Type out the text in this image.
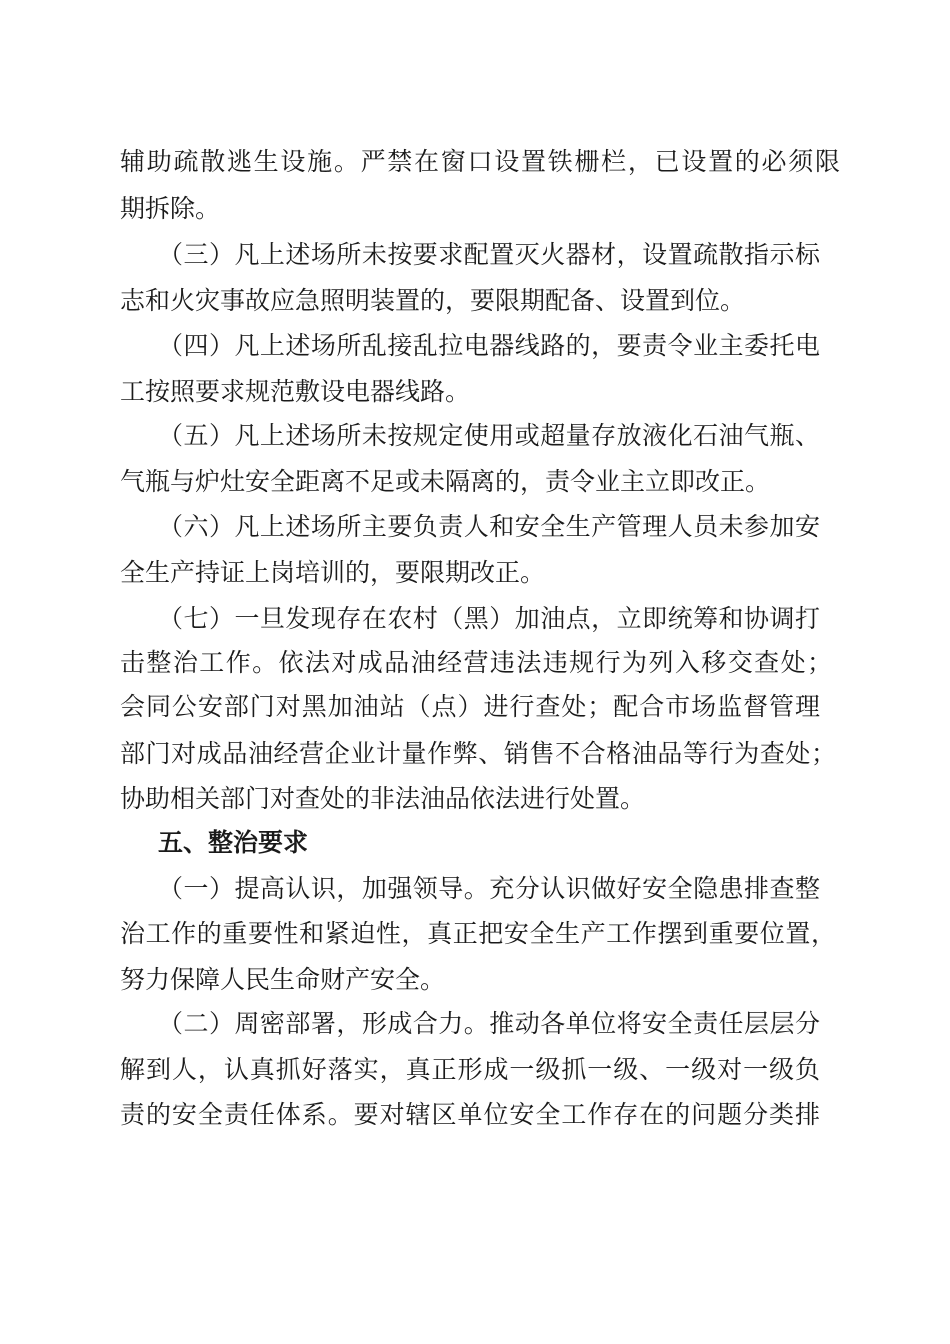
辅助疏散逃生设施。严禁在窗口设置铁栅栏，已设置的必须限

期拆除。

（三）凡上述场所未按要求配置灭火器材，设置疏散指示标

志和火灾事故应急照明装置的，要限期配备、设置到位。

（四）凡上述场所乱接乱拉电器线路的，要责令业主委托电

工按照要求规范敷设电器线路。

（五）凡上述场所未按规定使用或超量存放液化石油气瓶、

气瓶与炉灶安全距离不足或未隔离的，责令业主立即改正。

（六）凡上述场所主要负责人和安全生产管理人员未参加安

全生产持证上岗培训的，要限期改正。

（七）一旦发现存在农村（黑）加油点，立即统筹和协调打

击整治工作。依法对成品油经营违法违规行为列入移交查处；

会同公安部门对黑加油站（点）进行查处；配合市场监督管理

部门对成品油经营企业计量作弊、销售不合格油品等行为查处；

协助相关部门对查处的非法油品依法进行处置。

五、整治要求

（一）提高认识，加强领导。充分认识做好安全隐患排查整

治工作的重要性和紧迫性，真正把安全生产工作摆到重要位置，

努力保障人民生命财产安全。

（二）周密部署，形成合力。推动各单位将安全责任层层分

解到人，认真抓好落实，真正形成一级抓一级、一级对一级负

责的安全责任体系。要对辖区单位安全工作存在的问题分类排
